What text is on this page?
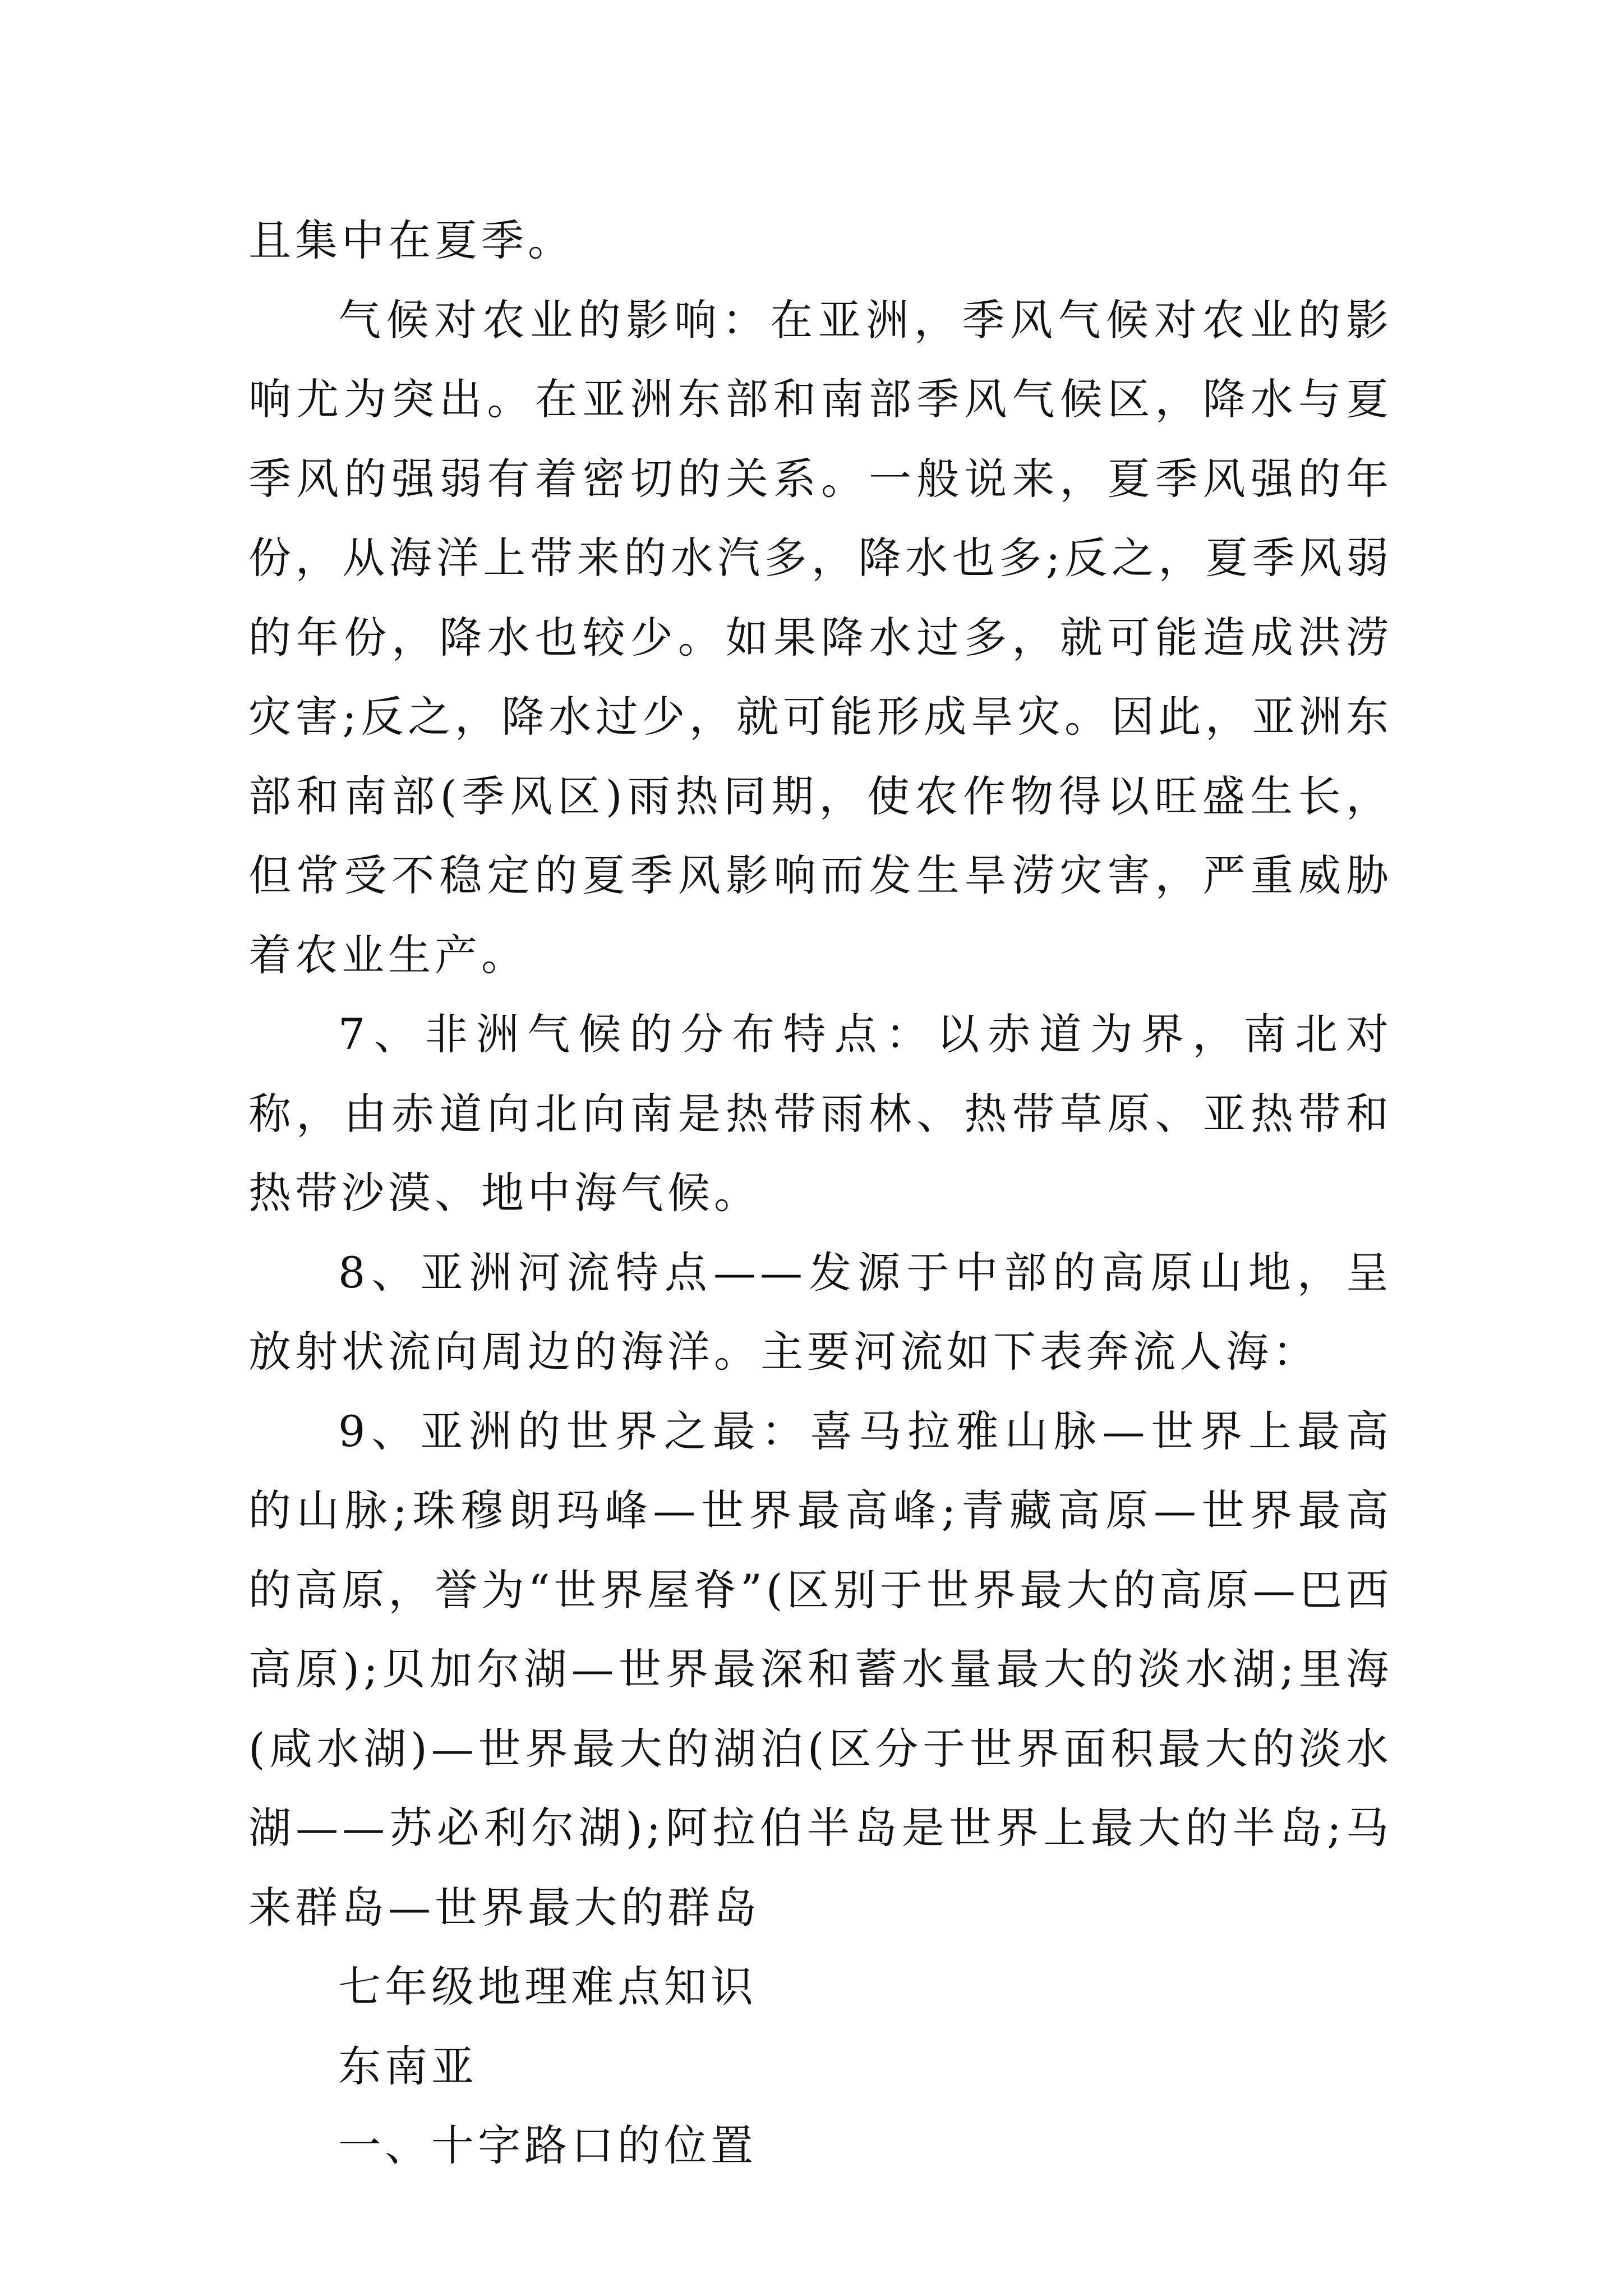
且集中在夏季。

气候对农业的影响：在亚洲，季风气候对农业的影响尤为突出。在亚洲东部和南部季风气候区，降水与夏季风的强弱有着密切的关系。一般说来，夏季风强的年份，从海洋上带来的水汽多，降水也多;反之，夏季风弱的年份，降水也较少。如果降水过多，就可能造成洪涝灾害;反之，降水过少，就可能形成旱灾。因此，亚洲东部和南部(季风区)雨热同期，使农作物得以旺盛生长，但常受不稳定的夏季风影响而发生旱涝灾害，严重威胁着农业生产。

7、非洲气候的分布特点：以赤道为界，南北对称，由赤道向北向南是热带雨林、热带草原、亚热带和热带沙漠、地中海气候。

8、亚洲河流特点——发源于中部的高原山地，呈放射状流向周边的海洋。主要河流如下表奔流人海：

9、亚洲的世界之最：喜马拉雅山脉—世界上最高的山脉;珠穆朗玛峰—世界最高峰;青藏高原—世界最高的高原，誉为“世界屋脊”(区别于世界最大的高原—巴西高原);贝加尔湖—世界最深和蓄水量最大的淡水湖;里海(咸水湖)—世界最大的湖泊(区分于世界面积最大的淡水湖——苏必利尔湖);阿拉伯半岛是世界上最大的半岛;马来群岛—世界最大的群岛

七年级地理难点知识

东南亚

一、十字路口的位置
